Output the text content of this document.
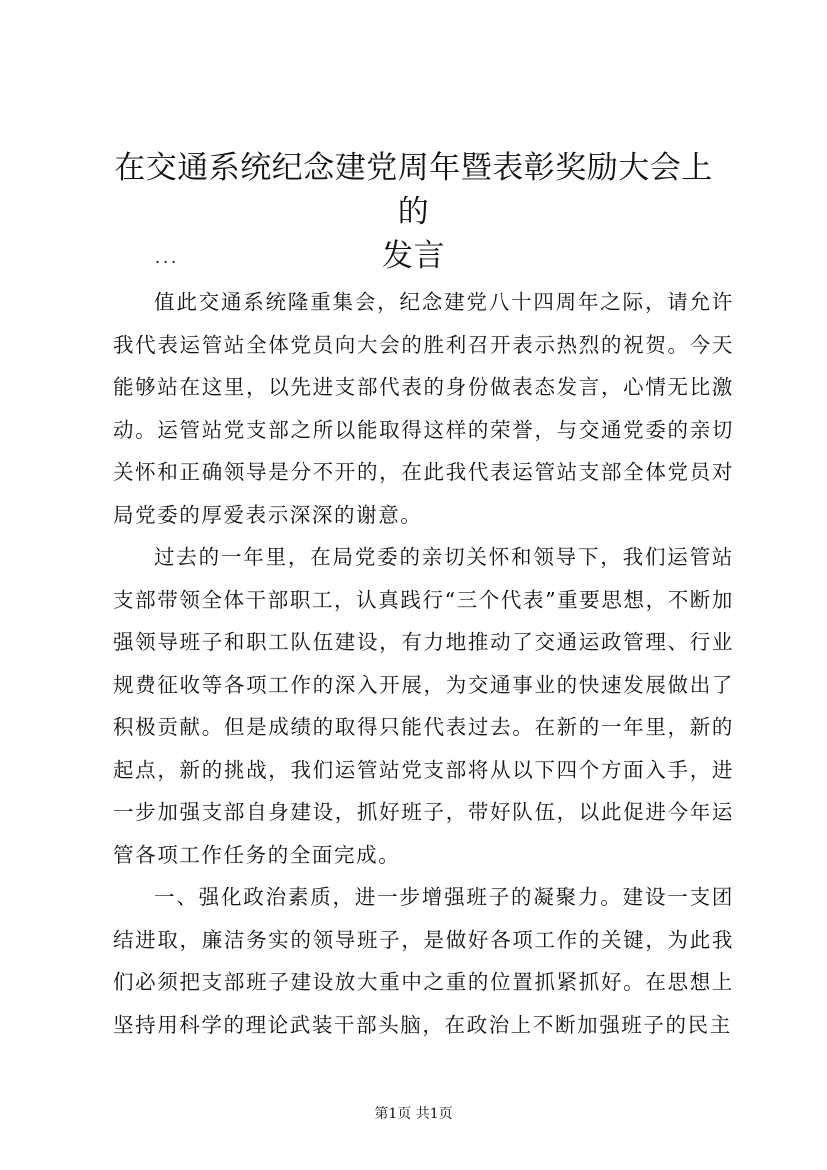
在交通系统纪念建党周年暨表彰奖励大会上的
发言

...

值此交通系统隆重集会，纪念建党八十四周年之际，请允许我代表运管站全体党员向大会的胜利召开表示热烈的祝贺。今天能够站在这里，以先进支部代表的身份做表态发言，心情无比激动。运管站党支部之所以能取得这样的荣誉，与交通党委的亲切关怀和正确领导是分不开的，在此我代表运管站支部全体党员对局党委的厚爱表示深深的谢意。

过去的一年里，在局党委的亲切关怀和领导下，我们运管站支部带领全体干部职工，认真践行“三个代表”重要思想，不断加强领导班子和职工队伍建设，有力地推动了交通运政管理、行业规费征收等各项工作的深入开展，为交通事业的快速发展做出了积极贡献。但是成绩的取得只能代表过去。在新的一年里，新的起点，新的挑战，我们运管站党支部将从以下四个方面入手，进一步加强支部自身建设，抓好班子，带好队伍，以此促进今年运管各项工作任务的全面完成。

一、强化政治素质，进一步增强班子的凝聚力。建设一支团结进取，廉洁务实的领导班子，是做好各项工作的关键，为此我们必须把支部班子建设放大重中之重的位置抓紧抓好。在思想上坚持用科学的理论武装干部头脑，在政治上不断加强班子的民主

第1页 共1页
